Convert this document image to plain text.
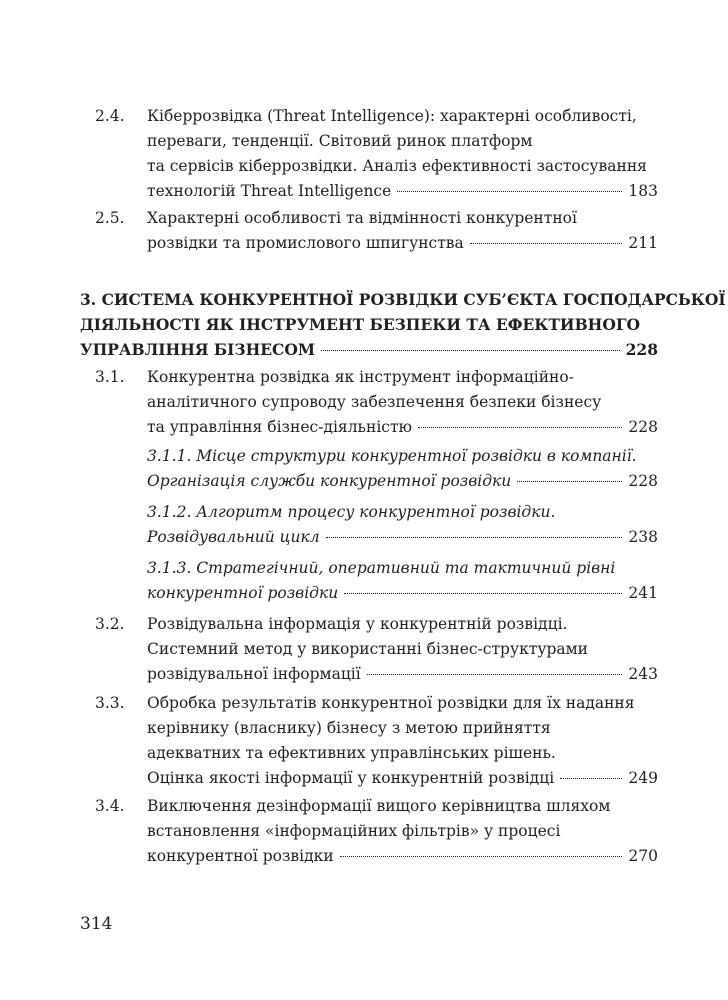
2.4. Кіберрозвідка (Threat Intelligence): характерні особливості,
переваги, тенденції. Світовий ринок платформ
та сервісів кіберрозвідки. Аналіз ефективності застосування
технологій Threat Intelligence	183
2.5. Характерні особливості та відмінності конкурентної
розвідки та промислового шпигунства	211
3. СИСТЕМА КОНКУРЕНТНОЇ РОЗВІДКИ СУБ’ЄКТА ГОСПОДАРСЬКОЇ
ДІЯЛЬНОСТІ ЯК ІНСТРУМЕНТ БЕЗПЕКИ ТА ЕФЕКТИВНОГО
УПРАВЛІННЯ БІЗНЕСОМ	228
3.1. Конкурентна розвідка як інструмент інформаційно-
аналітичного супроводу забезпечення безпеки бізнесу
та управління бізнес-діяльністю	228
3.1.1. Місце структури конкурентної розвідки в компанії.
Організація служби конкурентної розвідки	228
3.1.2. Алгоритм процесу конкурентної розвідки.
Розвідувальний цикл	238
3.1.3. Стратегічний, оперативний та тактичний рівні
конкурентної розвідки	241
3.2. Розвідувальна інформація у конкурентній розвідці.
Системний метод у використанні бізнес-структурами
розвідувальної інформації	243
3.3. Обробка результатів конкурентної розвідки для їх надання
керівнику (власнику) бізнесу з метою прийняття
адекватних та ефективних управлінських рішень.
Оцінка якості інформації у конкурентній розвідці	249
3.4. Виключення дезінформації вищого керівництва шляхом
встановлення «інформаційних фільтрів» у процесі
конкурентної розвідки	270
314
